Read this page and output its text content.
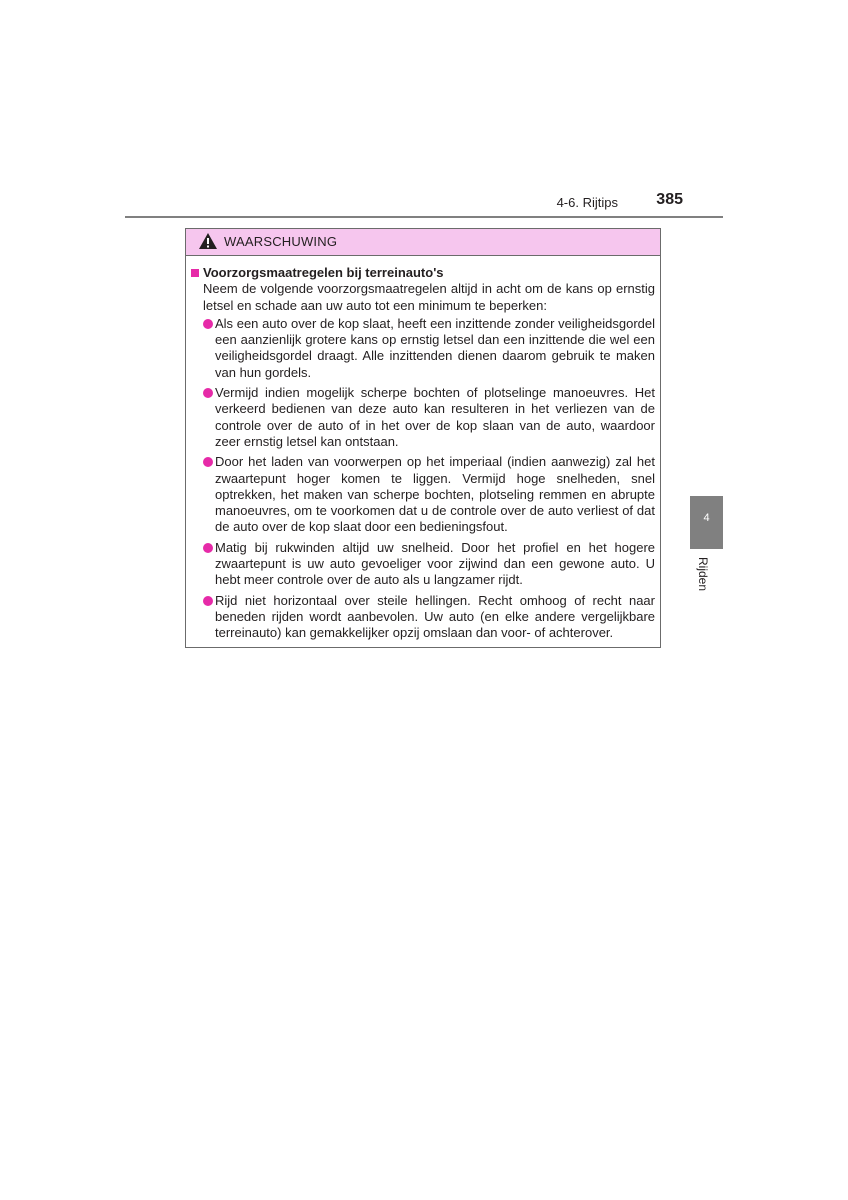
4-6. Rijtips 385
WAARSCHUWING
Voorzorgsmaatregelen bij terreinauto's
Neem de volgende voorzorgsmaatregelen altijd in acht om de kans op ernstig letsel en schade aan uw auto tot een minimum te beperken:
Als een auto over de kop slaat, heeft een inzittende zonder veiligheidsgordel een aanzienlijk grotere kans op ernstig letsel dan een inzittende die wel een veiligheidsgordel draagt. Alle inzittenden dienen daarom gebruik te maken van hun gordels.
Vermijd indien mogelijk scherpe bochten of plotselinge manoeuvres. Het verkeerd bedienen van deze auto kan resulteren in het verliezen van de controle over de auto of in het over de kop slaan van de auto, waardoor zeer ernstig letsel kan ontstaan.
Door het laden van voorwerpen op het imperiaal (indien aanwezig) zal het zwaartepunt hoger komen te liggen. Vermijd hoge snelheden, snel optrekken, het maken van scherpe bochten, plotseling remmen en abrupte manoeuvres, om te voorkomen dat u de controle over de auto verliest of dat de auto over de kop slaat door een bedieningsfout.
Matig bij rukwinden altijd uw snelheid. Door het profiel en het hogere zwaartepunt is uw auto gevoeliger voor zijwind dan een gewone auto. U hebt meer controle over de auto als u langzamer rijdt.
Rijd niet horizontaal over steile hellingen. Recht omhoog of recht naar beneden rijden wordt aanbevolen. Uw auto (en elke andere vergelijkbare terreinauto) kan gemakkelijker opzij omslaan dan voor- of achterover.
4
Rijden
